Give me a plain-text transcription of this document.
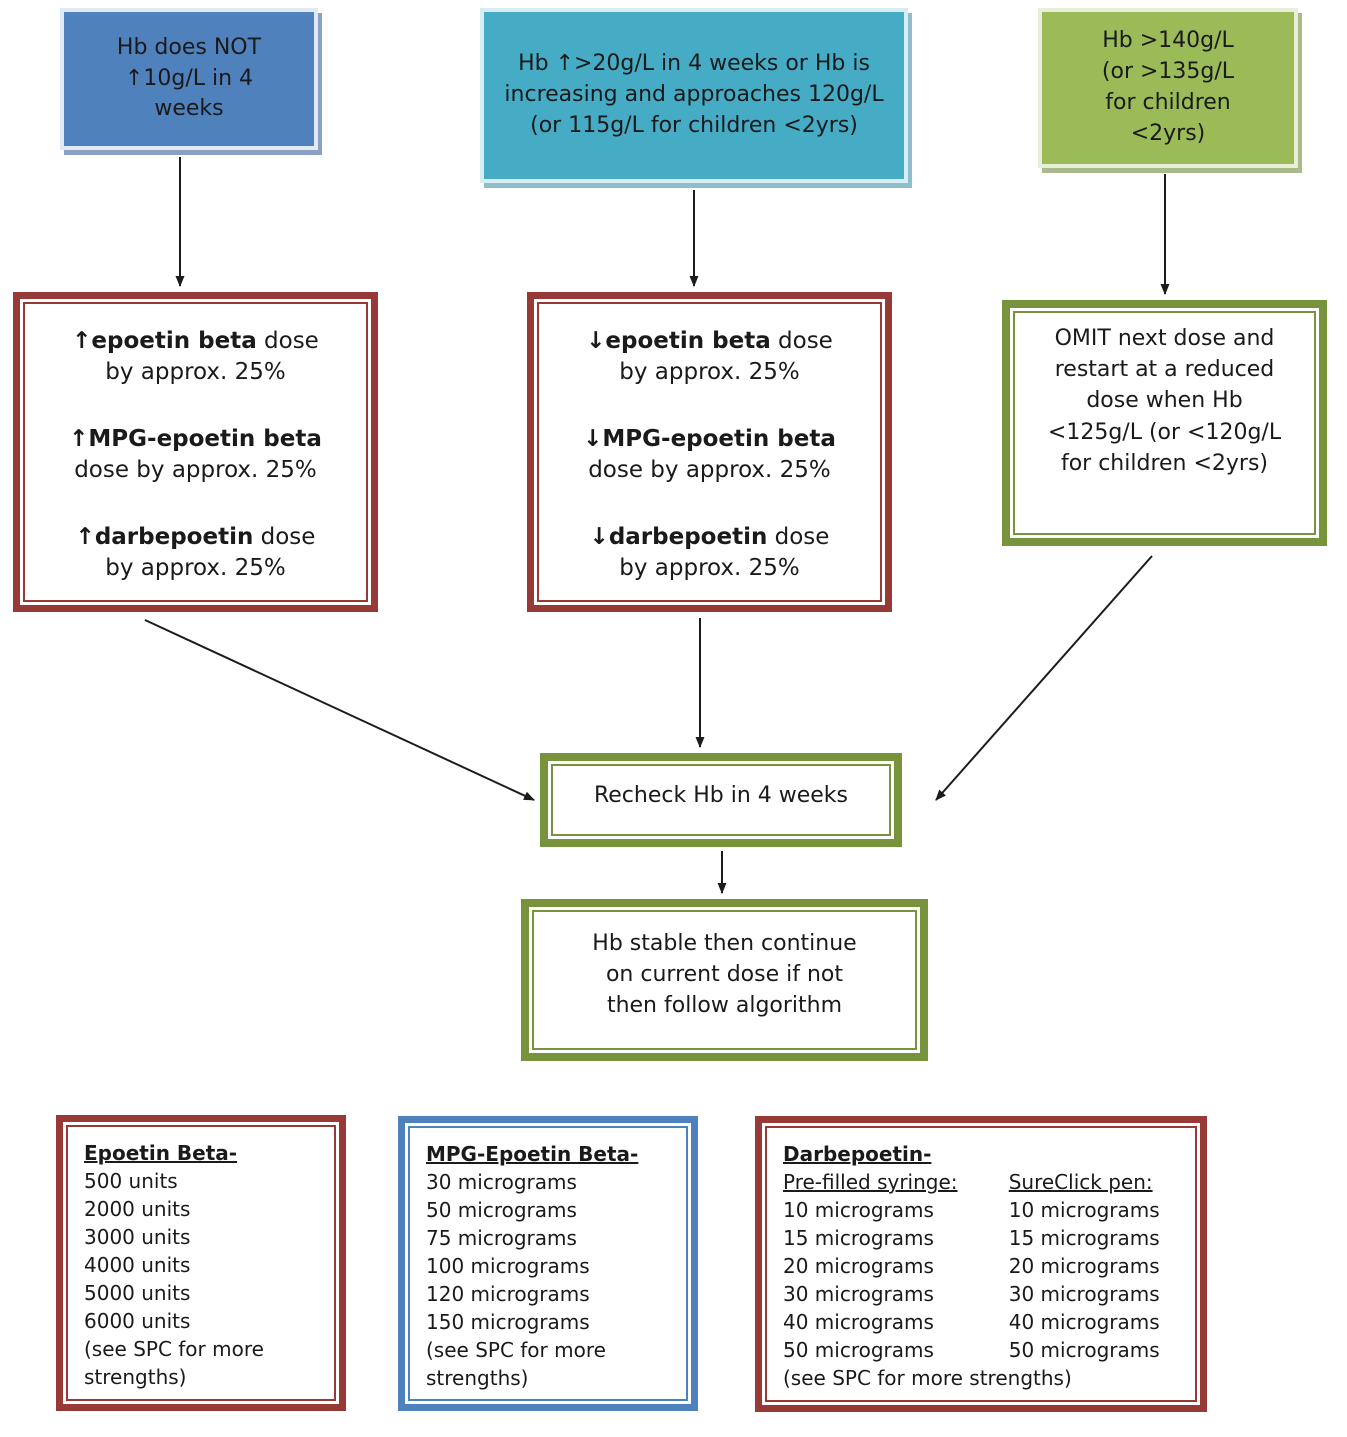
Hb does NOT ↑10g/L in 4 weeks
Hb ↑>20g/L in 4 weeks or Hb is increasing and approaches 120g/L (or 115g/L for children <2yrs)
Hb >140g/L (or >135g/L for children <2yrs)

↑epoetin beta dose
by approx. 25%

↑MPG-epoetin beta
dose by approx. 25%

↑darbepoetin dose
by approx. 25%

↓epoetin beta dose
by approx. 25%

↓MPG-epoetin beta
dose by approx. 25%

↓darbepoetin dose
by approx. 25%

OMIT next dose and restart at a reduced dose when Hb <125g/L (or <120g/L for children <2yrs)
Recheck Hb in 4 weeks
Hb stable then continue on current dose if not then follow algorithm
Epoetin Beta-
500 units
2000 units
3000 units
4000 units
5000 units
6000 units
(see SPC for more strengths)
MPG-Epoetin Beta-
30 micrograms
50 micrograms
75 micrograms
100 micrograms
120 micrograms
150 micrograms
(see SPC for more strengths)
Darbepoetin-
Pre-filled syringe:	SureClick pen:
10 micrograms	10 micrograms
15 micrograms	15 micrograms
20 micrograms	20 micrograms
30 micrograms	30 micrograms
40 micrograms	40 micrograms
50 micrograms	50 micrograms
(see SPC for more strengths)
